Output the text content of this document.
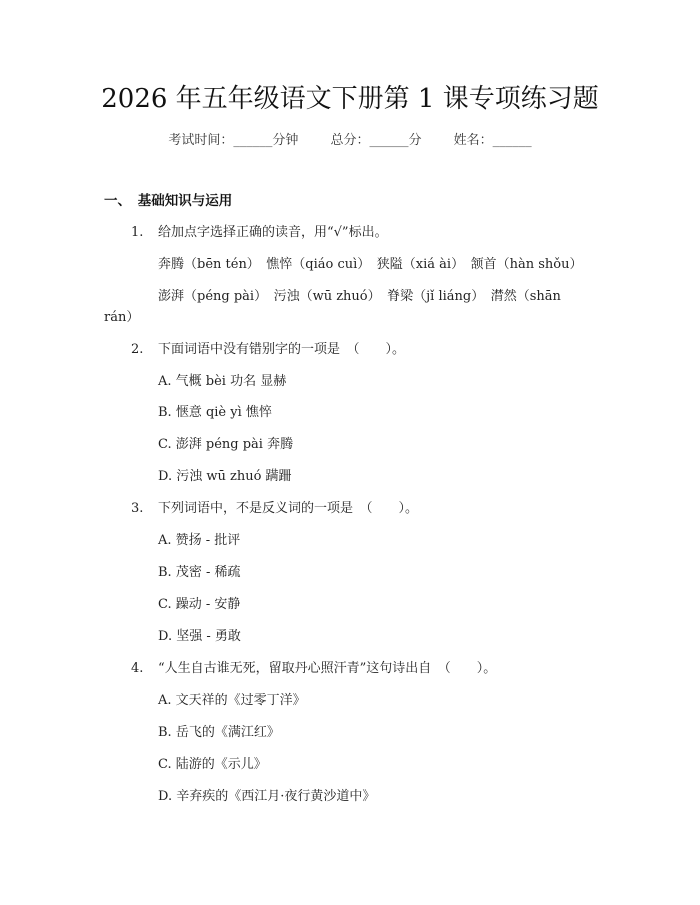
2026 年五年级语文下册第 1 课专项练习题
考试时间：______分钟 总分：______分 姓名：______
一、　基础知识与运用
1. 给加点字选择正确的读音，用“√”标出。
奔腾（bēn tén）　憔悴（qiáo cuì）　狭隘（xiá ài）　颔首（hàn shǒu）
澎湃（péng pài）　污浊（wū zhuó）　脊梁（jǐ liáng）　潸然（shān
rán）
2. 下面词语中没有错别字的一项是　（　　）。
A. 气概 bèi 功名 显赫
B. 惬意 qiè yì 憔悴
C. 澎湃 péng pài 奔腾
D. 污浊 wū zhuó 蹒跚
3. 下列词语中，不是反义词的一项是　（　　）。
A. 赞扬 - 批评
B. 茂密 - 稀疏
C. 躁动 - 安静
D. 坚强 - 勇敢
4. “人生自古谁无死，留取丹心照汗青”这句诗出自　（　　）。
A. 文天祥的《过零丁洋》
B. 岳飞的《满江红》
C. 陆游的《示儿》
D. 辛弃疾的《西江月·夜行黄沙道中》
